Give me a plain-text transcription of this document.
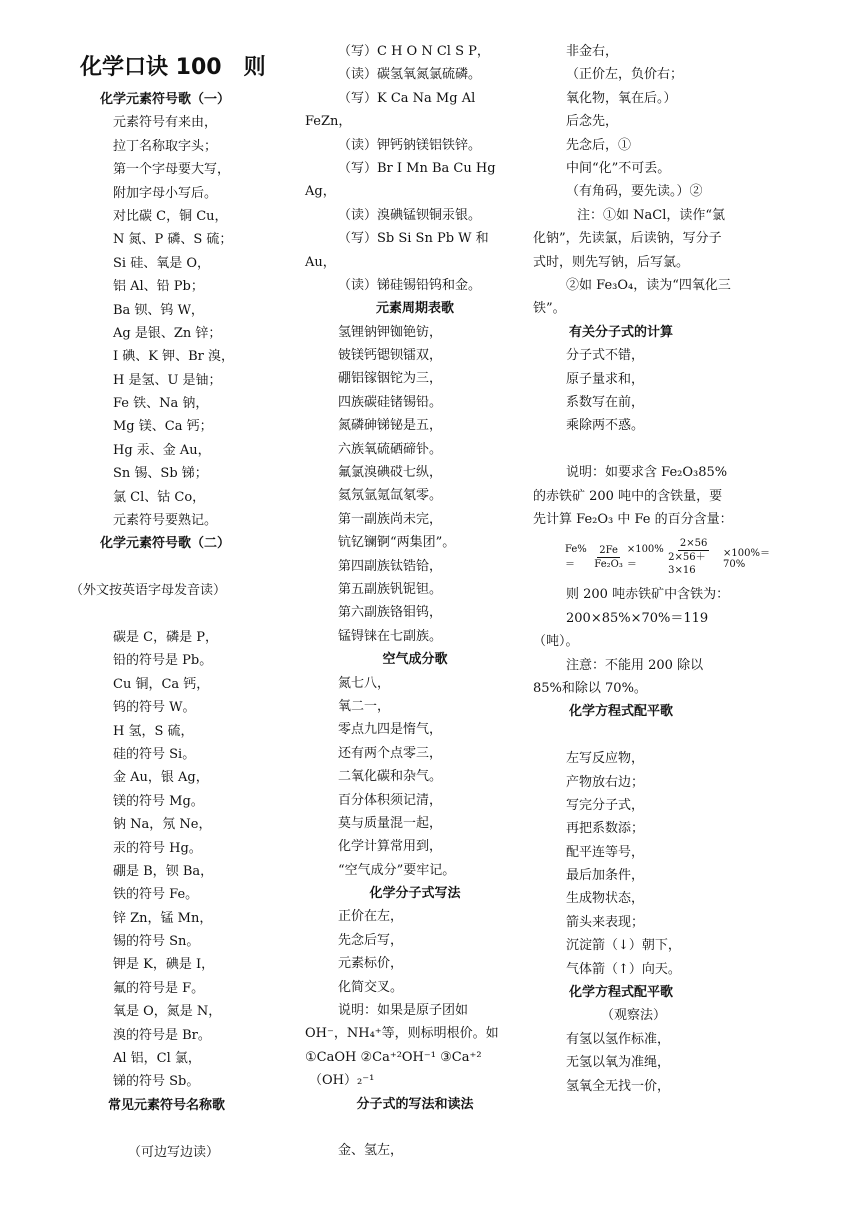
化学口诀 100　则
化学元素符号歌（一）
元素符号有来由，
拉丁名称取字头；
第一个字母要大写，
附加字母小写后。
对比碳 C，铜 Cu，
N 氮、P 磷、S 硫；
Si 硅、氧是 O，
铝 Al、铅 Pb；
Ba 钡、钨 W，
Ag 是银、Zn 锌；
I 碘、K 钾、Br 溴，
H 是氢、U 是铀；
Fe 铁、Na 钠，
Mg 镁、Ca 钙；
Hg 汞、金 Au，
Sn 锡、Sb 锑；
氯 Cl、钴 Co，
元素符号要熟记。
化学元素符号歌（二）
（外文按英语字母发音读）
碳是 C，磷是 P，
铅的符号是 Pb。
Cu 铜，Ca 钙，
钨的符号 W。
H 氢，S 硫，
硅的符号 Si。
金 Au，银 Ag，
镁的符号 Mg。
钠 Na，氖 Ne，
汞的符号 Hg。
硼是 B，钡 Ba，
铁的符号 Fe。
锌 Zn，锰 Mn，
锡的符号 Sn。
钾是 K，碘是 I，
氟的符号是 F。
氧是 O，氮是 N，
溴的符号是 Br。
Al 铝，Cl 氯，
锑的符号 Sb。
常见元素符号名称歌
（可边写边读）
（写）C H O N Cl S P，
（读）碳氢氧氮氯硫磷。
（写）K Ca Na Mg Al
FeZn，
（读）钾钙钠镁铝铁锌。
（写）Br I Mn Ba Cu Hg
Ag，
（读）溴碘锰钡铜汞银。
（写）Sb Si Sn Pb W 和
Au，
（读）锑硅锡铅钨和金。
元素周期表歌
氢锂钠钾铷铯钫，
铍镁钙锶钡镭双，
硼铝镓铟铊为三，
四族碳硅锗锡铅。
氮磷砷锑铋是五，
六族氧硫硒碲钋。
氟氯溴碘砹七纵，
氦氖氩氪氙氡零。
第一副族尚未完，
钪钇镧锕“两集团”。
第四副族钛锆铪，
第五副族钒铌钽。
第六副族铬钼钨，
锰锝铼在七副族。
空气成分歌
氮七八，
氧二一，
零点九四是惰气，
还有两个点零三，
二氧化碳和杂气。
百分体积须记清，
莫与质量混一起，
化学计算常用到，
“空气成分”要牢记。
化学分子式写法
正价在左，
先念后写，
元素标价，
化简交叉。
说明：如果是原子团如
OH⁻，NH₄⁺等，则标明根价。如
①CaOH ②Ca⁺²OH⁻¹ ③Ca⁺²
（OH）₂⁻¹
分子式的写法和读法
金、氢左，
非金右，
（正价左，负价右；
氧化物，氧在后。）
后念先，
先念后，①
中间“化”不可丢。
（有角码，要先读。）②
注：①如 NaCl，读作“氯化钠”，先读氯，后读钠，写分子式时，则先写钠，后写氯。
②如 Fe₃O₄，读为“四氧化三铁”。
有关分子式的计算
分子式不错，
原子量求和，
系数写在前，
乘除两不惑。
说明：如要求含 Fe₂O₃85%的赤铁矿 200 吨中的含铁量，要先计算 Fe₂O₃ 中 Fe 的百分含量：
Fe%＝	$\frac{2Fe}{\text{Fe₂O₃}} \times 100\%=$	$\frac{2\times 56}{2\times 56+3\times 16} \times 100\%=70\%$
则 200 吨赤铁矿中含铁为：
200×85%×70%＝119
（吨）。
注意：不能用 200 除以 85%和除以 70%。
化学方程式配平歌
左写反应物，
产物放右边；
写完分子式，
再把系数添；
配平连等号，
最后加条件，
生成物状态，
箭头来表现；
沉淀箭（↓）朝下，
气体箭（↑）向天。
化学方程式配平歌
（观察法）
有氢以氢作标准，
无氢以氧为准绳，
氢氧全无找一价，
